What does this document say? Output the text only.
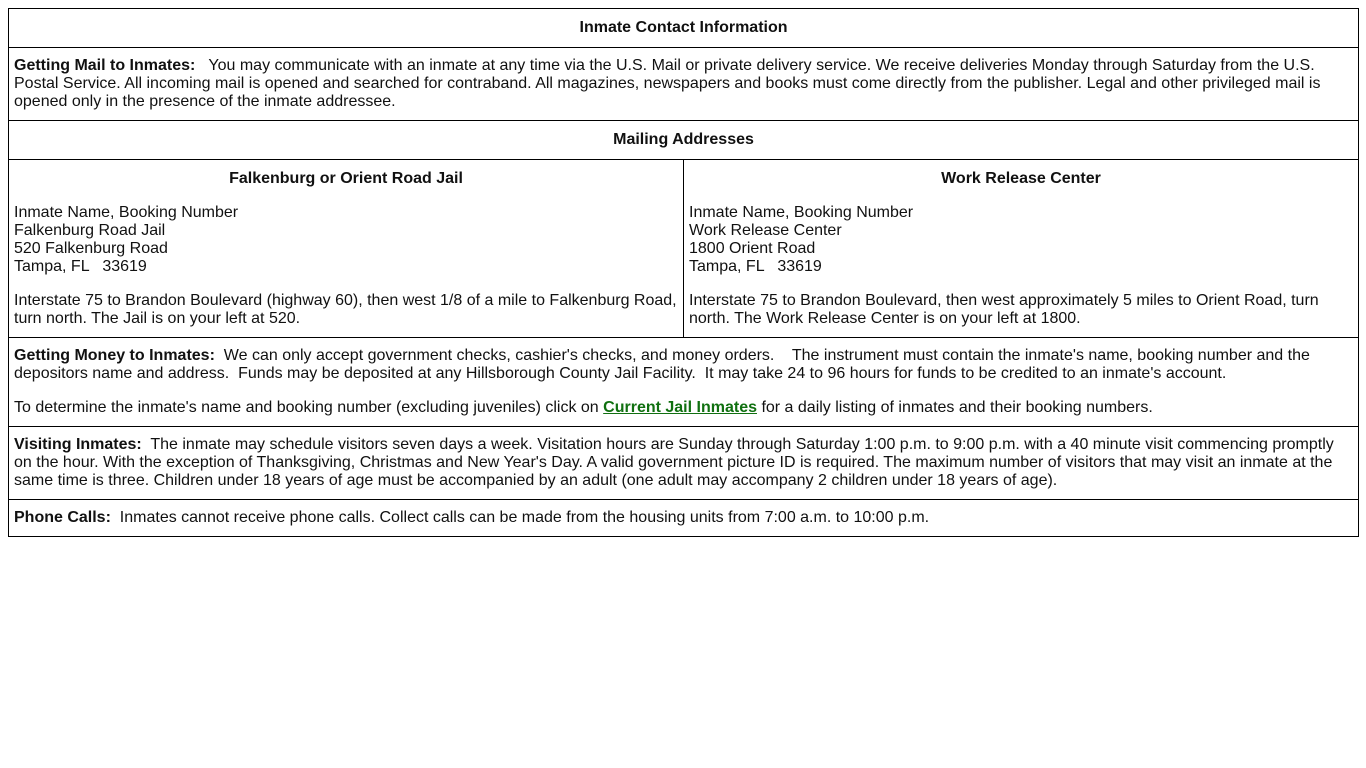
Inmate Contact Information
Getting Mail to Inmates: You may communicate with an inmate at any time via the U.S. Mail or private delivery service. We receive deliveries Monday through Saturday from the U.S. Postal Service. All incoming mail is opened and searched for contraband. All magazines, newspapers and books must come directly from the publisher. Legal and other privileged mail is opened only in the presence of the inmate addressee.
Mailing Addresses

Falkenburg or Orient Road Jail
Inmate Name, Booking Number
Falkenburg Road Jail
520 Falkenburg Road
Tampa, FL   33619
Interstate 75 to Brandon Boulevard (highway 60), then west 1/8 of a mile to Falkenburg Road, turn north. The Jail is on your left at 520.

Work Release Center
Inmate Name, Booking Number
Work Release Center
1800 Orient Road
Tampa, FL   33619
Interstate 75 to Brandon Boulevard, then west approximately 5 miles to Orient Road, turn north. The Work Release Center is on your left at 1800.

Getting Money to Inmates: We can only accept government checks, cashier's checks, and money orders.    The instrument must contain the inmate's name, booking number and the depositors name and address.  Funds may be deposited at any Hillsborough County Jail Facility.  It may take 24 to 96 hours for funds to be credited to an inmate's account.
To determine the inmate's name and booking number (excluding juveniles) click on Current Jail Inmates for a daily listing of inmates and their booking numbers.

Visiting Inmates: The inmate may schedule visitors seven days a week. Visitation hours are Sunday through Saturday 1:00 p.m. to 9:00 p.m. with a 40 minute visit commencing promptly on the hour. With the exception of Thanksgiving, Christmas and New Year's Day. A valid government picture ID is required. The maximum number of visitors that may visit an inmate at the same time is three. Children under 18 years of age must be accompanied by an adult (one adult may accompany 2 children under 18 years of age).
Phone Calls: Inmates cannot receive phone calls. Collect calls can be made from the housing units from 7:00 a.m. to 10:00 p.m.
